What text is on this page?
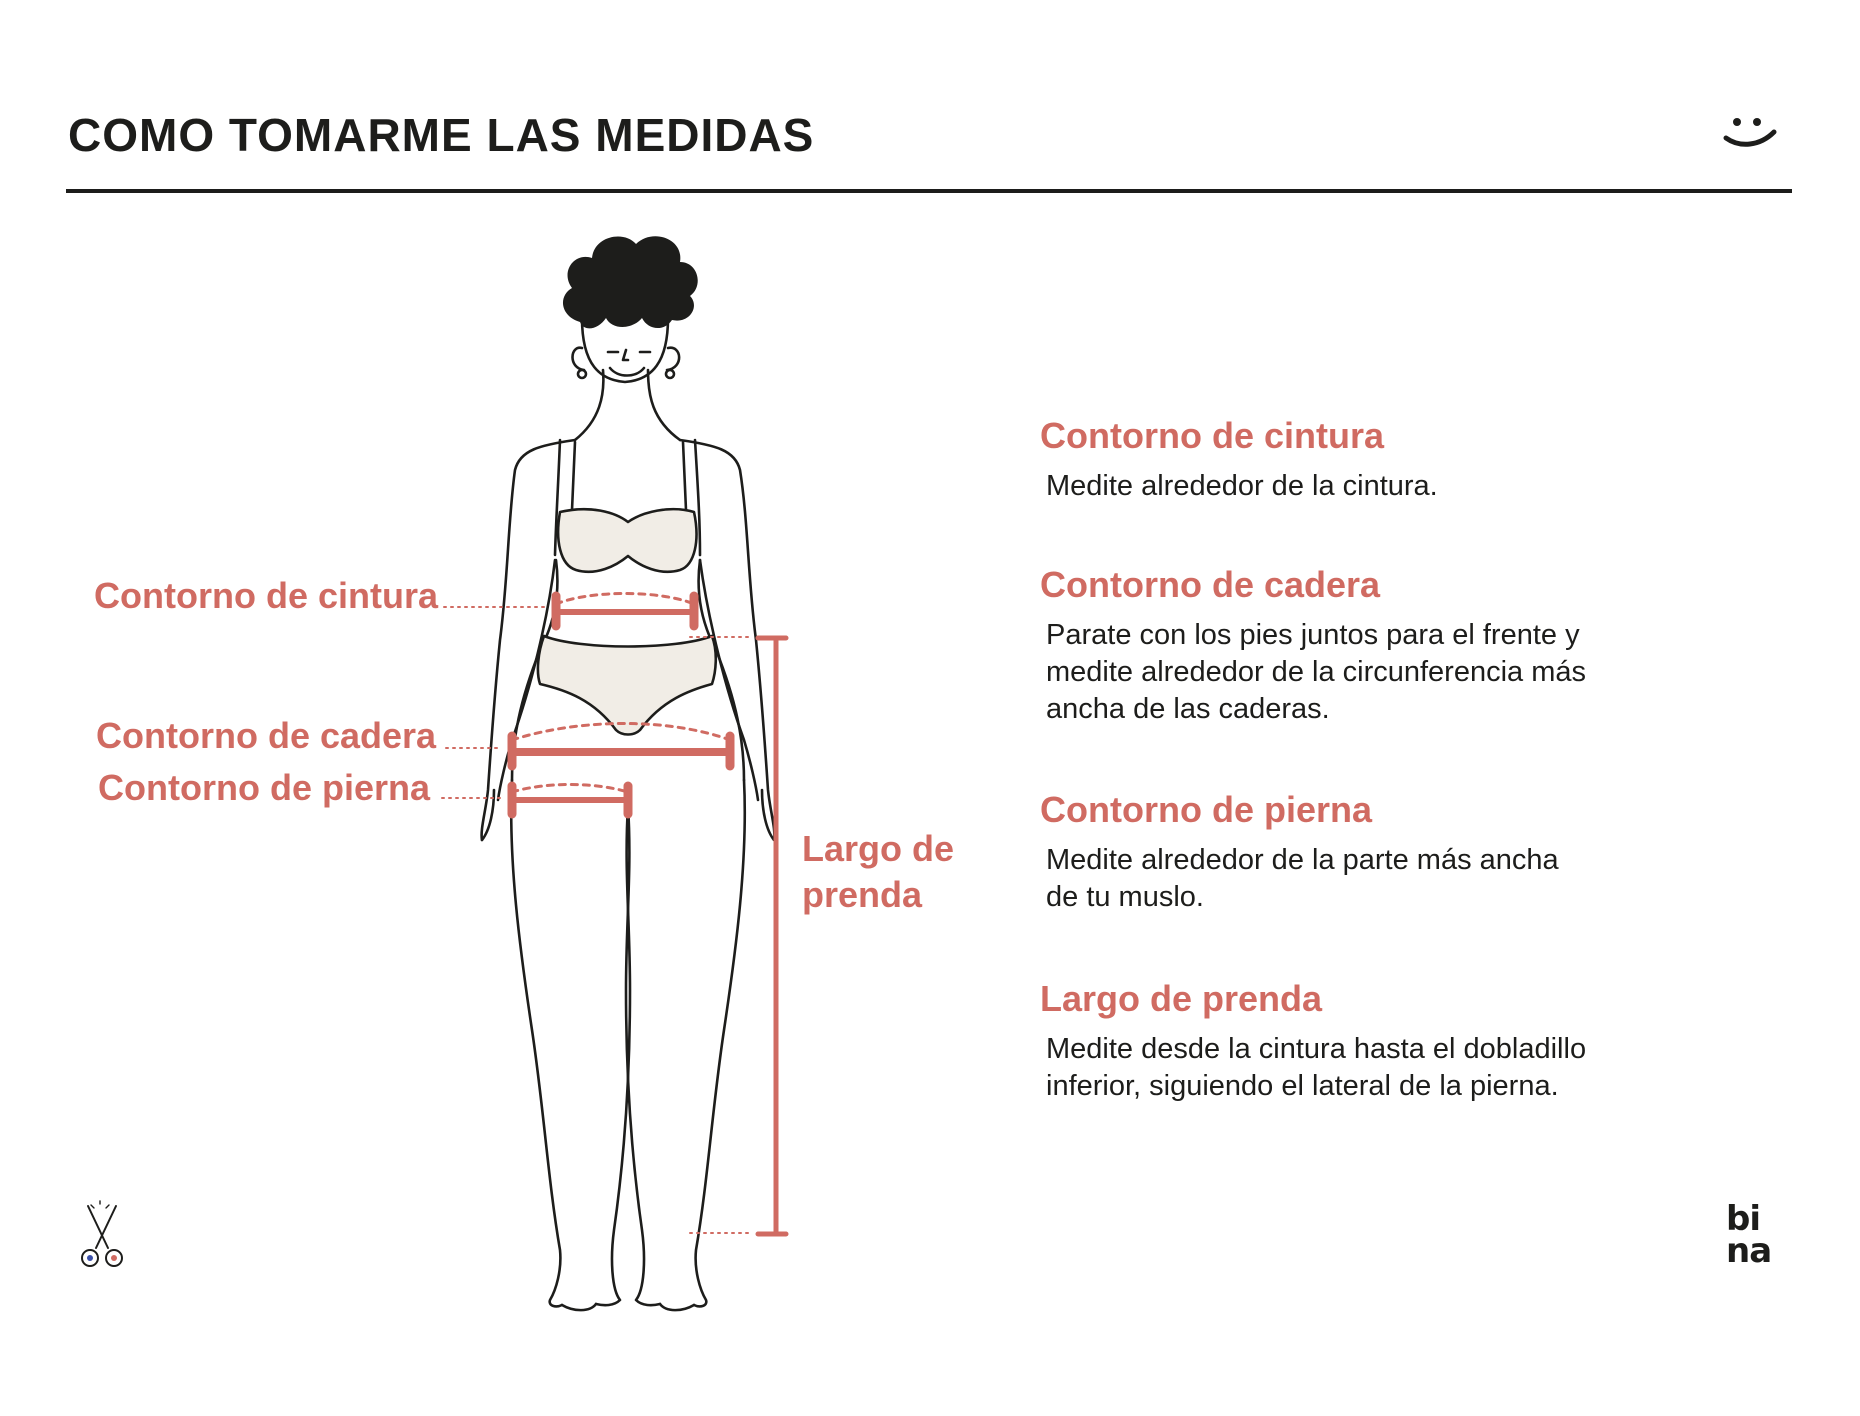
COMO TOMARME LAS MEDIDAS
Contorno de cintura
Contorno de cadera
Contorno de pierna
Largo de
prenda
Contorno de cintura

Medite alrededor de la cintura.

Contorno de cadera

Parate con los pies juntos para el frente y
medite alrededor de la circunferencia más
ancha de las caderas.

Contorno de pierna

Medite alrededor de la parte más ancha
de tu muslo.

Largo de prenda

Medite desde la cintura hasta el dobladillo
inferior, siguiendo el lateral de la pierna.

bi
na
